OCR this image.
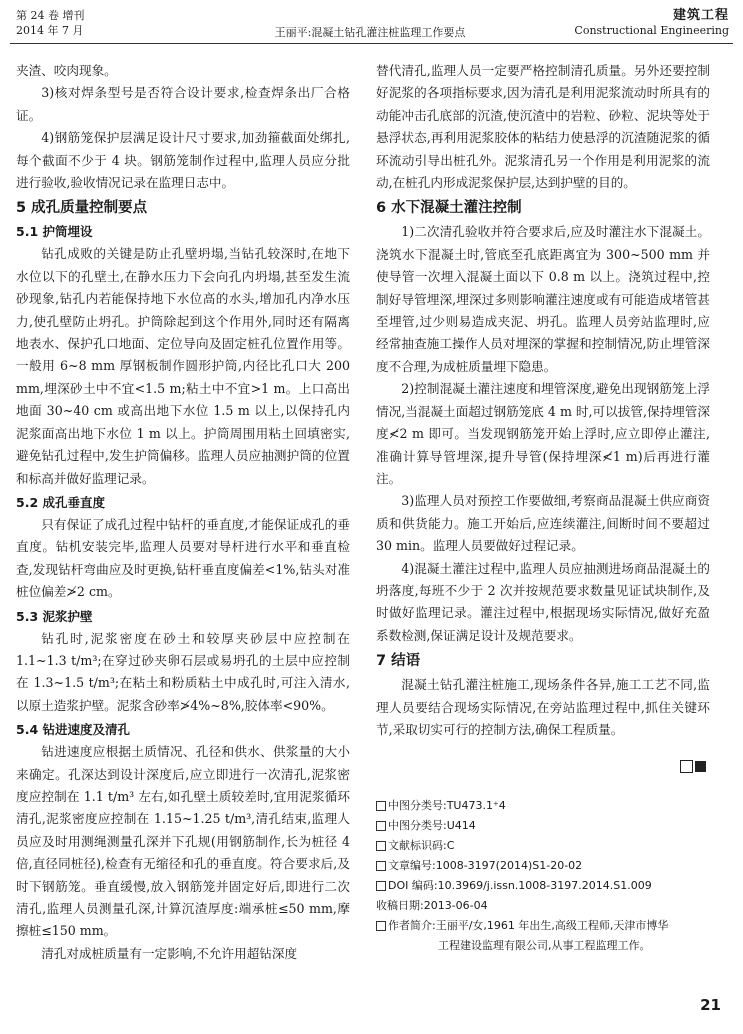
第 24 卷 增刊
2014 年 7 月	王丽平:混凝土钻孔灌注桩监理工作要点
建筑工程
Constructional Engineering

夹渣、咬肉现象。

3)核对焊条型号是否符合设计要求,检查焊条出厂合格证。

4)钢筋笼保护层满足设计尺寸要求,加劲箍截面处绑扎,每个截面不少于 4 块。钢筋笼制作过程中,监理人员应分批进行验收,验收情况记录在监理日志中。

5 成孔质量控制要点
5.1 护筒埋设

钻孔成败的关键是防止孔壁坍塌,当钻孔较深时,在地下水位以下的孔壁土,在静水压力下会向孔内坍塌,甚至发生流砂现象,钻孔内若能保持地下水位高的水头,增加孔内净水压力,使孔壁防止坍孔。护筒除起到这个作用外,同时还有隔离地表水、保护孔口地面、定位导向及固定桩孔位置作用等。一般用 6~8 mm 厚钢板制作圆形护筒,内径比孔口大 200 mm,埋深砂土中不宜<1.5 m;粘土中不宜>1 m。上口高出地面 30~40 cm 或高出地下水位 1.5 m 以上,以保持孔内泥浆面高出地下水位 1 m 以上。护筒周围用粘土回填密实,避免钻孔过程中,发生护筒偏移。监理人员应抽测护筒的位置和标高并做好监理记录。

5.2 成孔垂直度

只有保证了成孔过程中钻杆的垂直度,才能保证成孔的垂直度。钻机安装完毕,监理人员要对导杆进行水平和垂直检查,发现钻杆弯曲应及时更换,钻杆垂直度偏差<1%,钻头对准桩位偏差≯2 cm。

5.3 泥浆护壁

钻孔时,泥浆密度在砂土和较厚夹砂层中应控制在 1.1~1.3 t/m³;在穿过砂夹卵石层或易坍孔的土层中应控制在 1.3~1.5 t/m³;在粘土和粉质粘土中成孔时,可注入清水,以原土造浆护壁。泥浆含砂率≯4%~8%,胶体率<90%。

5.4 钻进速度及清孔

钻进速度应根据土质情况、孔径和供水、供浆量的大小来确定。孔深达到设计深度后,应立即进行一次清孔,泥浆密度应控制在 1.1 t/m³ 左右,如孔壁土质较差时,宜用泥浆循环清孔,泥浆密度应控制在 1.15~1.25 t/m³,清孔结束,监理人员应及时用测绳测量孔深并下孔规(用钢筋制作,长为桩径 4 倍,直径同桩径),检查有无缩径和孔的垂直度。符合要求后,及时下钢筋笼。垂直缓慢,放入钢筋笼并固定好后,即进行二次清孔,监理人员测量孔深,计算沉渣厚度:端承桩≤50 mm,摩擦桩≤150 mm。

清孔对成桩质量有一定影响,不允许用超钻深度

替代清孔,监理人员一定要严格控制清孔质量。另外还要控制好泥浆的各项指标要求,因为清孔是利用泥浆流动时所具有的动能冲击孔底部的沉渣,使沉渣中的岩粒、砂粒、泥块等处于悬浮状态,再利用泥浆胶体的粘结力使悬浮的沉渣随泥浆的循环流动引导出桩孔外。泥浆清孔另一个作用是利用泥浆的流动,在桩孔内形成泥浆保护层,达到护壁的目的。

6 水下混凝土灌注控制

1)二次清孔验收并符合要求后,应及时灌注水下混凝土。浇筑水下混凝土时,管底至孔底距离宜为 300~500 mm 并使导管一次埋入混凝土面以下 0.8 m 以上。浇筑过程中,控制好导管埋深,埋深过多则影响灌注速度或有可能造成堵管甚至埋管,过少则易造成夹泥、坍孔。监理人员旁站监理时,应经常抽查施工操作人员对埋深的掌握和控制情况,防止埋管深度不合理,为成桩质量埋下隐患。

2)控制混凝土灌注速度和埋管深度,避免出现钢筋笼上浮情况,当混凝土面超过钢筋笼底 4 m 时,可以拔管,保持埋管深度≮2 m 即可。当发现钢筋笼开始上浮时,应立即停止灌注,准确计算导管埋深,提升导管(保持埋深≮1 m)后再进行灌注。

3)监理人员对预控工作要做细,考察商品混凝土供应商资质和供货能力。施工开始后,应连续灌注,间断时间不要超过 30 min。监理人员要做好过程记录。

4)混凝土灌注过程中,监理人员应抽测进场商品混凝土的坍落度,每班不少于 2 次并按规范要求数量见证试块制作,及时做好监理记录。灌注过程中,根据现场实际情况,做好充盈系数检测,保证满足设计及规范要求。

7 结语

混凝土钻孔灌注桩施工,现场条件各异,施工工艺不同,监理人员要结合现场实际情况,在旁站监理过程中,抓住关键环节,采取切实可行的控制方法,确保工程质量。

中图分类号:TU473.1⁺4
中图分类号:U414
文献标识码:C
文章编号:1008-3197(2014)S1-20-02
DOI 编码:10.3969/j.issn.1008-3197.2014.S1.009
收稿日期:2013-06-04
作者简介:王丽平/女,1961 年出生,高级工程师,天津市博华
工程建设监理有限公司,从事工程监理工作。
21
